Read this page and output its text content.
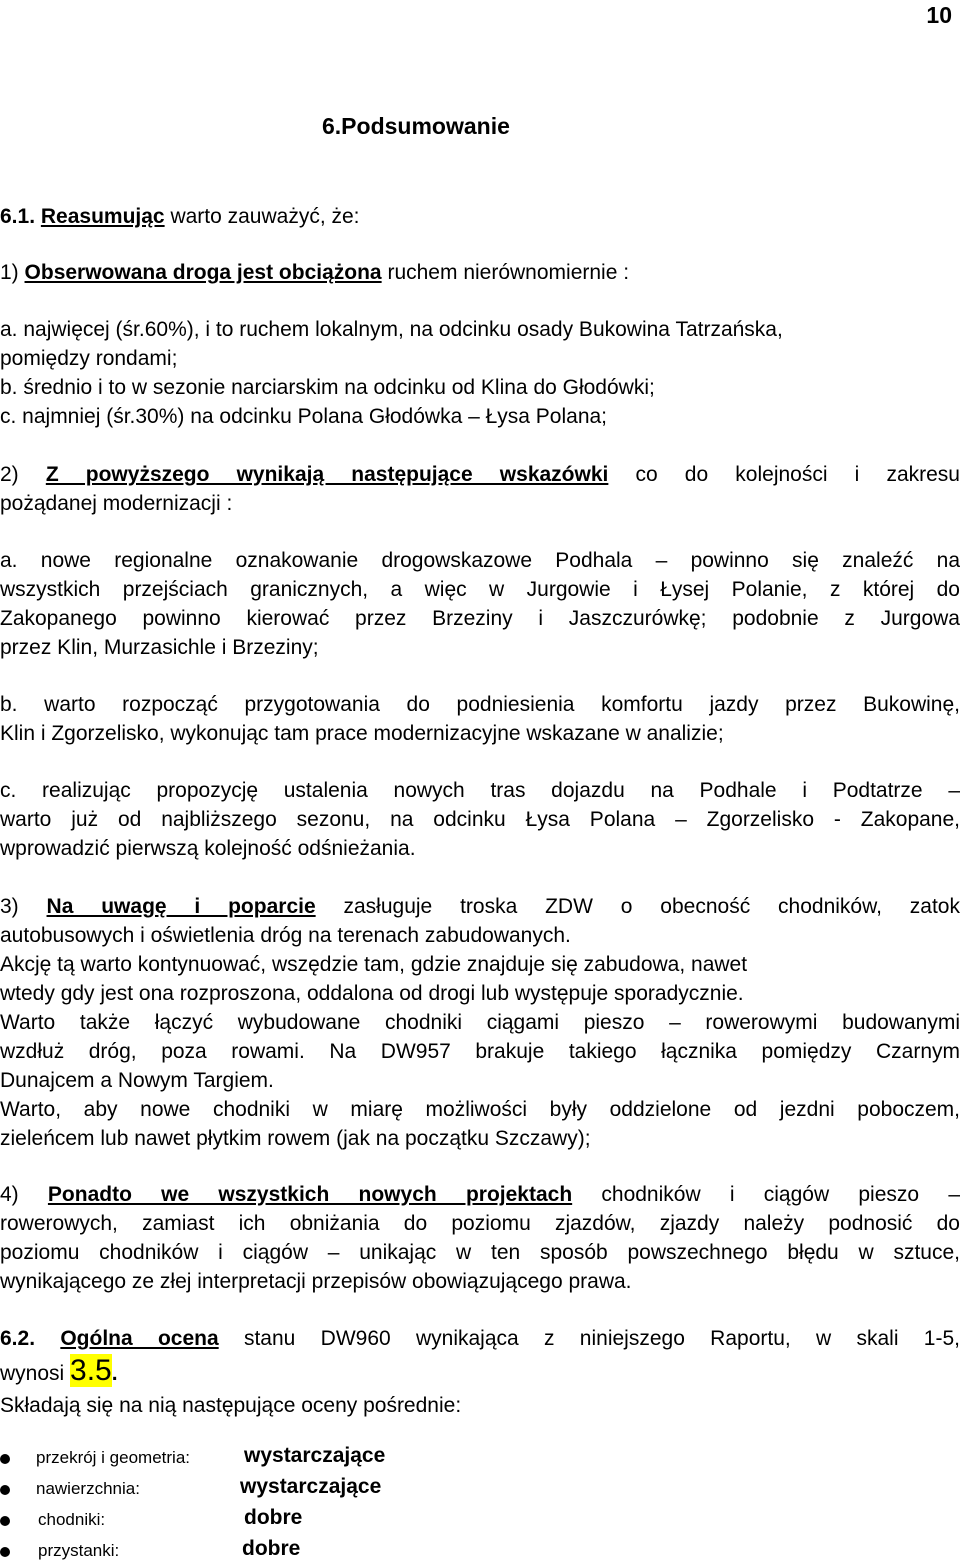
10
6.Podsumowanie
6.1. Reasumując warto zauważyć, że:
1) Obserwowana droga jest obciążona ruchem nierównomiernie :
a. najwięcej (śr.60%), i to ruchem lokalnym, na odcinku osady Bukowina Tatrzańska,
pomiędzy rondami;
b. średnio i to w sezonie narciarskim na odcinku od Klina do Głodówki;
c. najmniej (śr.30%) na odcinku Polana Głodówka – Łysa Polana;
2) Z powyższego wynikają następujące wskazówki co do kolejności i zakresu
pożądanej modernizacji :
a. nowe regionalne oznakowanie drogowskazowe Podhala – powinno się znaleźć na
wszystkich przejściach granicznych, a więc w Jurgowie i Łysej Polanie, z której do
Zakopanego powinno kierować przez Brzeziny i Jaszczurówkę; podobnie z Jurgowa
przez Klin, Murzasichle i Brzeziny;
b. warto rozpocząć przygotowania do podniesienia komfortu jazdy przez Bukowinę,
Klin i Zgorzelisko, wykonując tam prace modernizacyjne wskazane w analizie;
c. realizując propozycję ustalenia nowych tras dojazdu na Podhale i Podtatrze –
warto już od najbliższego sezonu, na odcinku Łysa Polana – Zgorzelisko - Zakopane,
wprowadzić pierwszą kolejność odśnieżania.
3) Na uwagę i poparcie zasługuje troska ZDW o obecność chodników, zatok
autobusowych i oświetlenia dróg na terenach zabudowanych.
Akcję tą warto kontynuować, wszędzie tam, gdzie znajduje się zabudowa, nawet
wtedy gdy jest ona rozproszona, oddalona od drogi lub występuje sporadycznie.
Warto także łączyć wybudowane chodniki ciągami pieszo – rowerowymi budowanymi
wzdłuż dróg, poza rowami. Na DW957 brakuje takiego łącznika pomiędzy Czarnym
Dunajcem a Nowym Targiem.
Warto, aby nowe chodniki w miarę możliwości były oddzielone od jezdni poboczem,
zieleńcem lub nawet płytkim rowem (jak na początku Szczawy);
4) Ponadto we wszystkich nowych projektach chodników i ciągów pieszo –
rowerowych, zamiast ich obniżania do poziomu zjazdów, zjazdy należy podnosić do
poziomu chodników i ciągów – unikając w ten sposób powszechnego błędu w sztuce,
wynikającego ze złej interpretacji przepisów obowiązującego prawa.
6.2. Ogólna ocena stanu DW960 wynikająca z niniejszego Raportu, w skali 1-5,
wynosi 3.5.
Składają się na nią następujące oceny pośrednie:
przekrój i geometria:	wystarczające
nawierzchnia:	wystarczające
chodniki:	dobre
przystanki:	dobre
